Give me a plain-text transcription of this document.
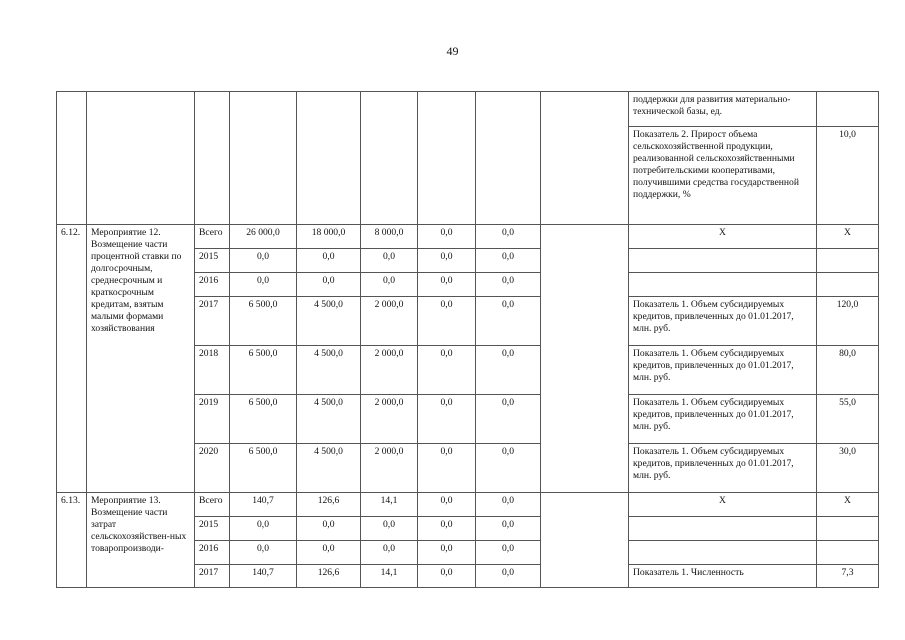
49
									поддержки для развития материально-технической базы, ед.	
									Показатель 2. Прирост объема сельскохозяйственной продукции, реализованной сельскохозяйственными потребительскими кооперативами, получившими средства государственной поддержки, %	10,0
6.12.	Мероприятие 12. Возмещение части процентной ставки по долгосрочным, среднесрочным и краткосрочным кредитам, взятым малыми формами хозяйствования	Всего	26 000,0	18 000,0	8 000,0	0,0	0,0		Х	Х
		2015	0,0	0,0	0,0	0,0	0,0			
		2016	0,0	0,0	0,0	0,0	0,0			
		2017	6 500,0	4 500,0	2 000,0	0,0	0,0		Показатель 1. Объем субсидируемых кредитов, привлеченных до 01.01.2017, млн. руб.	120,0
		2018	6 500,0	4 500,0	2 000,0	0,0	0,0		Показатель 1. Объем субсидируемых кредитов, привлеченных до 01.01.2017, млн. руб.	80,0
		2019	6 500,0	4 500,0	2 000,0	0,0	0,0		Показатель 1. Объем субсидируемых кредитов, привлеченных до 01.01.2017, млн. руб.	55,0
		2020	6 500,0	4 500,0	2 000,0	0,0	0,0		Показатель 1. Объем субсидируемых кредитов, привлеченных до 01.01.2017, млн. руб.	30,0
6.13.	Мероприятие 13. Возмещение части затрат сельскохозяйствен-ных товаропроизводи-	Всего	140,7	126,6	14,1	0,0	0,0		Х	Х
		2015	0,0	0,0	0,0	0,0	0,0			
		2016	0,0	0,0	0,0	0,0	0,0			
		2017	140,7	126,6	14,1	0,0	0,0		Показатель 1. Численность	7,3
